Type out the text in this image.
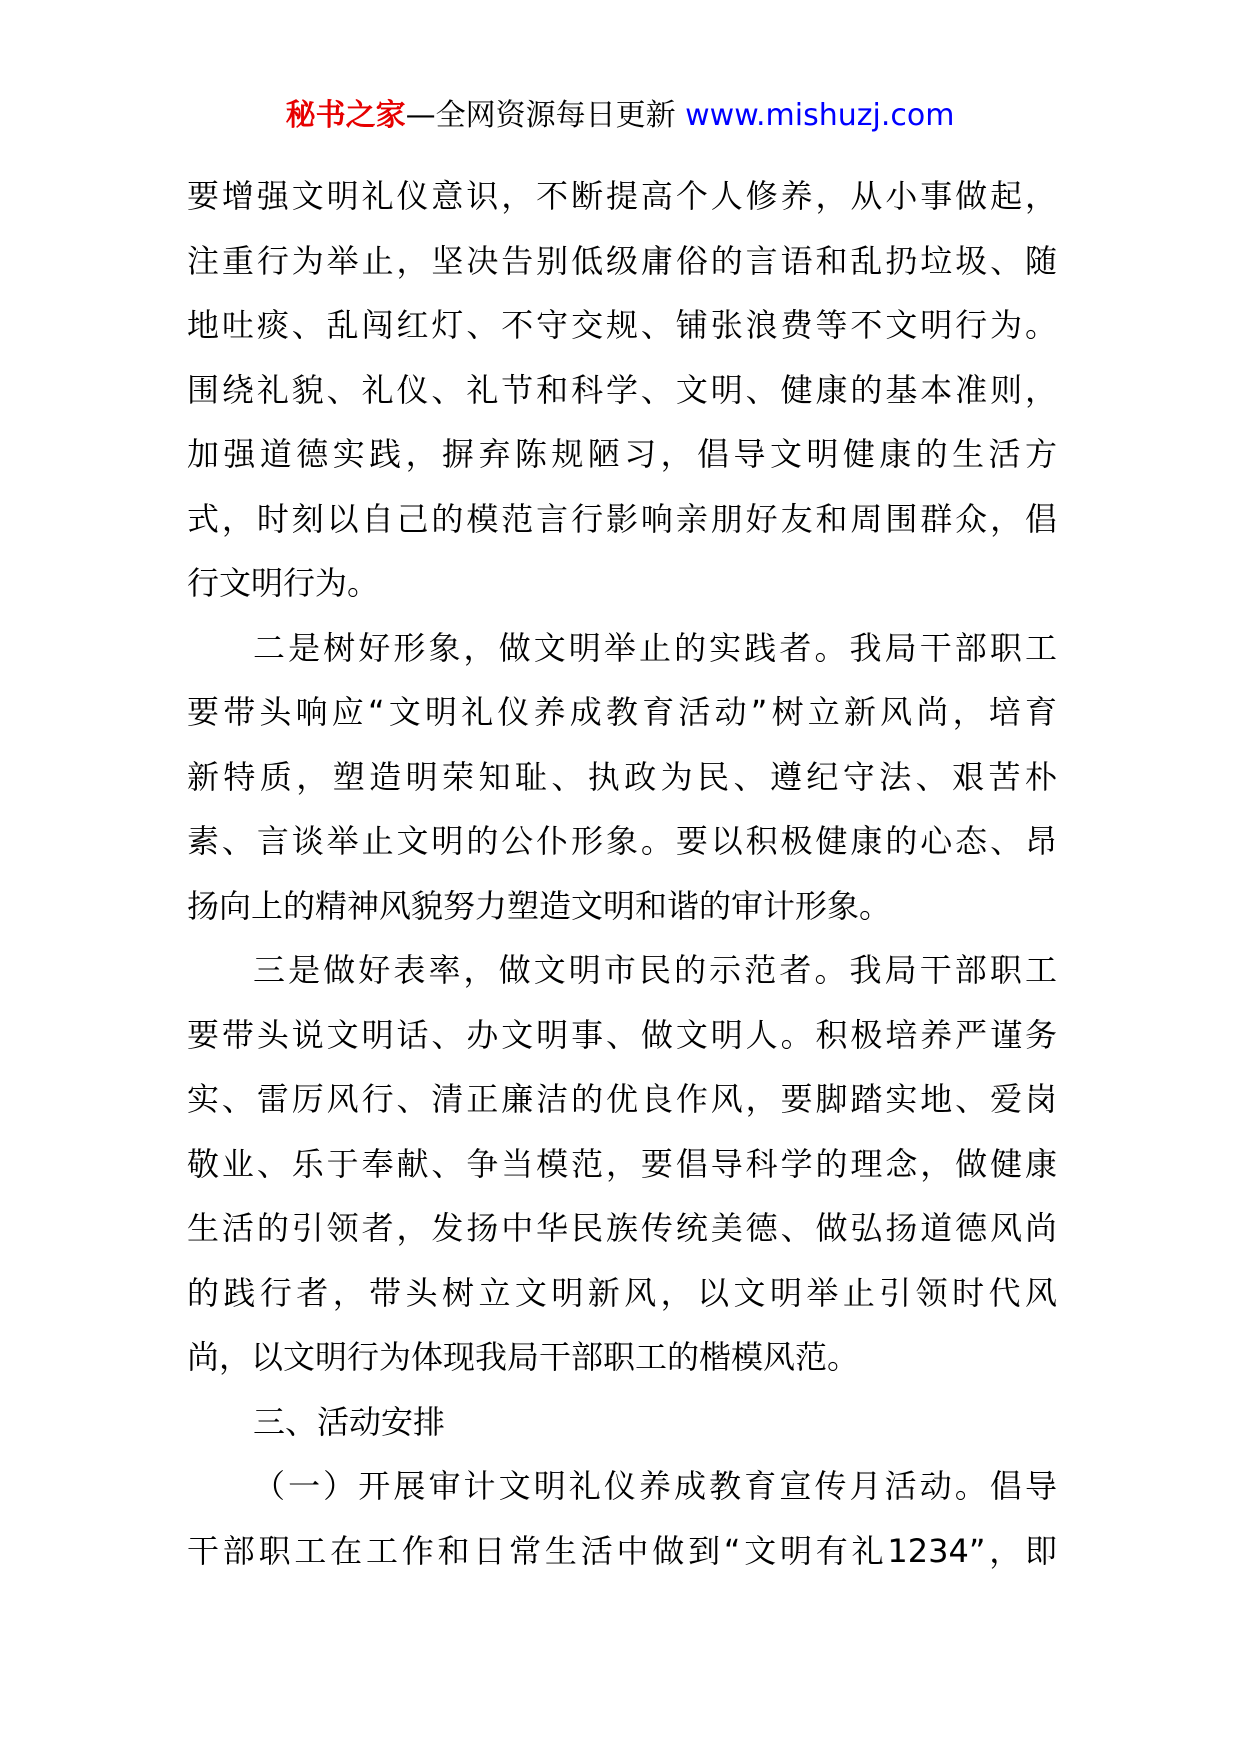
秘书之家—全网资源每日更新 www.mishuzj.com
要增强文明礼仪意识，不断提高个人修养，从小事做起，
注重行为举止，坚决告别低级庸俗的言语和乱扔垃圾、随
地吐痰、乱闯红灯、不守交规、铺张浪费等不文明行为。
围绕礼貌、礼仪、礼节和科学、文明、健康的基本准则，
加强道德实践，摒弃陈规陋习，倡导文明健康的生活方
式，时刻以自己的模范言行影响亲朋好友和周围群众，倡
行文明行为。
二是树好形象，做文明举止的实践者。我局干部职工
要带头响应“文明礼仪养成教育活动”树立新风尚，培育
新特质，塑造明荣知耻、执政为民、遵纪守法、艰苦朴
素、言谈举止文明的公仆形象。要以积极健康的心态、昂
扬向上的精神风貌努力塑造文明和谐的审计形象。
三是做好表率，做文明市民的示范者。我局干部职工
要带头说文明话、办文明事、做文明人。积极培养严谨务
实、雷厉风行、清正廉洁的优良作风，要脚踏实地、爱岗
敬业、乐于奉献、争当模范，要倡导科学的理念，做健康
生活的引领者，发扬中华民族传统美德、做弘扬道德风尚
的践行者，带头树立文明新风，以文明举止引领时代风
尚，以文明行为体现我局干部职工的楷模风范。
三、活动安排
（一）开展审计文明礼仪养成教育宣传月活动。倡导
干部职工在工作和日常生活中做到“文明有礼1234”，即
